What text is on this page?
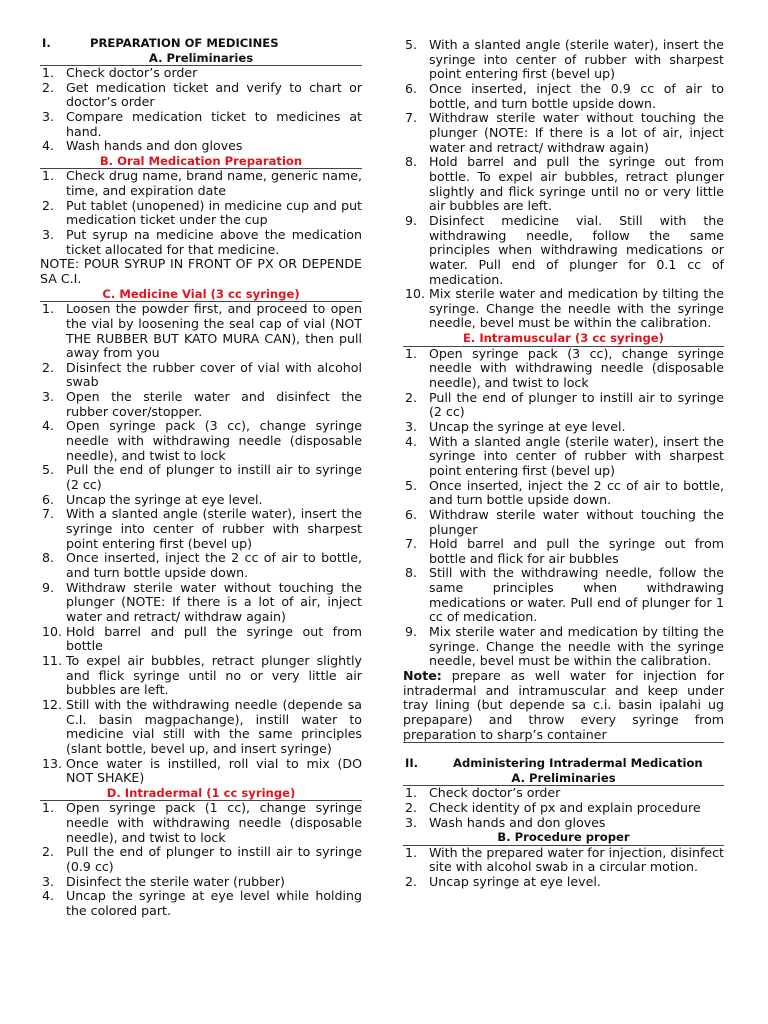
I.	PREPARATION OF MEDICINES
A. Preliminaries
1. Check doctor’s order
2. Get medication ticket and verify to chart or doctor’s order
3. Compare medication ticket to medicines at hand.
4. Wash hands and don gloves
B. Oral Medication Preparation
1. Check drug name, brand name, generic name, time, and expiration date
2. Put tablet (unopened) in medicine cup and put medication ticket under the cup
3. Put syrup na medicine above the medication ticket allocated for that medicine.
NOTE: POUR SYRUP IN FRONT OF PX OR DEPENDE SA C.I.
C. Medicine Vial (3 cc syringe)
1. Loosen the powder first, and proceed to open the vial by loosening the seal cap of vial (NOT THE RUBBER BUT KATO MURA CAN), then pull away from you
2. Disinfect the rubber cover of vial with alcohol swab
3. Open the sterile water and disinfect the rubber cover/stopper.
4. Open syringe pack (3 cc), change syringe needle with withdrawing needle (disposable needle), and twist to lock
5. Pull the end of plunger to instill air to syringe (2 cc)
6. Uncap the syringe at eye level.
7. With a slanted angle (sterile water), insert the syringe into center of rubber with sharpest point entering first (bevel up)
8. Once inserted, inject the 2 cc of air to bottle, and turn bottle upside down.
9. Withdraw sterile water without touching the plunger (NOTE: If there is a lot of air, inject water and retract/ withdraw again)
10. Hold barrel and pull the syringe out from bottle
11. To expel air bubbles, retract plunger slightly and flick syringe until no or very little air bubbles are left.
12. Still with the withdrawing needle (depende sa C.I. basin magpachange), instill water to medicine vial still with the same principles (slant bottle, bevel up, and insert syringe)
13. Once water is instilled, roll vial to mix (DO NOT SHAKE)
D. Intradermal (1 cc syringe)
1. Open syringe pack (1 cc), change syringe needle with withdrawing needle (disposable needle), and twist to lock
2. Pull the end of plunger to instill air to syringe (0.9 cc)
3. Disinfect the sterile water (rubber)
4. Uncap the syringe at eye level while holding the colored part.
5. With a slanted angle (sterile water), insert the syringe into center of rubber with sharpest point entering first (bevel up)
6. Once inserted, inject the 0.9 cc of air to bottle, and turn bottle upside down.
7. Withdraw sterile water without touching the plunger (NOTE: If there is a lot of air, inject water and retract/ withdraw again)
8. Hold barrel and pull the syringe out from bottle. To expel air bubbles, retract plunger slightly and flick syringe until no or very little air bubbles are left.
9. Disinfect medicine vial. Still with the withdrawing needle, follow the same principles when withdrawing medications or water. Pull end of plunger for 0.1 cc of medication.
10. Mix sterile water and medication by tilting the syringe. Change the needle with the syringe needle, bevel must be within the calibration.
E. Intramuscular (3 cc syringe)
1. Open syringe pack (3 cc), change syringe needle with withdrawing needle (disposable needle), and twist to lock
2. Pull the end of plunger to instill air to syringe (2 cc)
3. Uncap the syringe at eye level.
4. With a slanted angle (sterile water), insert the syringe into center of rubber with sharpest point entering first (bevel up)
5. Once inserted, inject the 2 cc of air to bottle, and turn bottle upside down.
6. Withdraw sterile water without touching the plunger
7. Hold barrel and pull the syringe out from bottle and flick for air bubbles
8. Still with the withdrawing needle, follow the same principles when withdrawing medications or water. Pull end of plunger for 1 cc of medication.
9. Mix sterile water and medication by tilting the syringe. Change the needle with the syringe needle, bevel must be within the calibration.
Note: prepare as well water for injection for intradermal and intramuscular and keep under tray lining (but depende sa c.i. basin ipalahi ug prepapare) and throw every syringe from preparation to sharp’s container
II.	Administering Intradermal Medication
A. Preliminaries
1. Check doctor’s order
2. Check identity of px and explain procedure
3. Wash hands and don gloves
B. Procedure proper
1. With the prepared water for injection, disinfect site with alcohol swab in a circular motion.
2. Uncap syringe at eye level.
